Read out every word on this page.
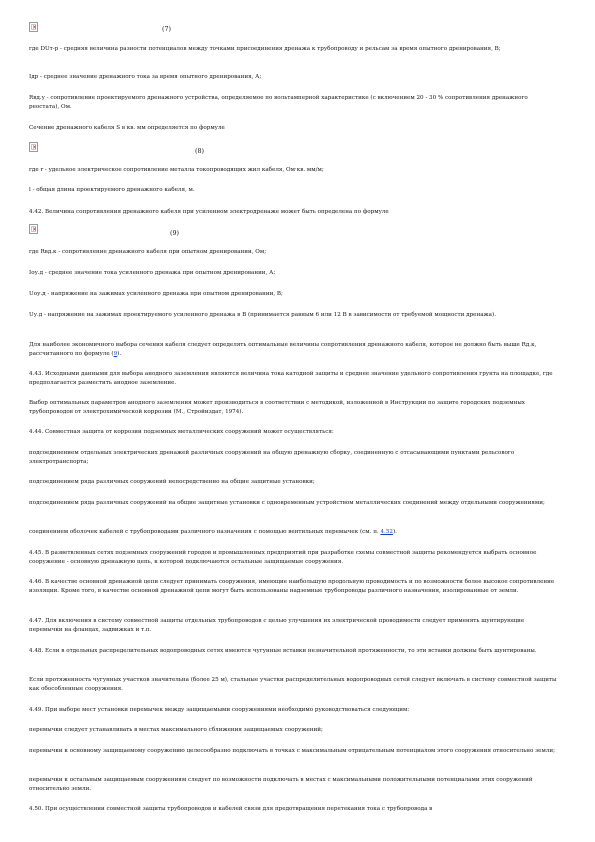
×	(7)
где DUт-р - средняя величина разности потенциалов между точками присоединения дренажа к трубопроводу и рельсам за время опытного дренирования, В;
Iдр - среднее значение дренажного тока за время опытного дренирования, А;
Rвд.у - сопротивление проектируемого дренажного устройства, определяемое по вольтамперной характеристике (с включением 20 - 30 % сопротивления дренажного реостата), Ом.
Сечение дренажного кабеля S в кв. мм определяется по формуле
×	(8)
где r - удельное электрическое сопротивление металла токопроводящих жил кабеля, Ом·кв. мм/м;
l - общая длина проектируемого дренажного кабеля, м.
4.42. Величина сопротивления дренажного кабеля при усиленном электродренаже может быть определена по формуле
×	(9)
где Rвд.к - сопротивление дренажного кабеля при опытном дренировании, Ом;
Iоу.д - среднее значение тока усиленного дренажа при опытном дренировании, А;
Uоу.д - напряжение на зажимах усиленного дренажа при опытном дренировании, В;
Uу.д - напряжение на зажимах проектируемого усиленного дренажа в В (принимается равным 6 или 12 В в зависимости от требуемой мощности дренажа).
Для наиболее экономичного выбора сечения кабеля следует определять оптимальные величины сопротивления дренажного кабеля, которое не должно быть выше Rд.к, рассчитанного по формуле (9).
4.43. Исходными данными для выбора анодного заземления являются величина тока катодной защиты и среднее значение удельного сопротивления грунта на площадке, где предполагается разместить анодное заземление.
Выбор оптимальных параметров анодного заземления может производиться в соответствии с методикой, изложенной в Инструкции по защите городских подземных трубопроводов от электрохимической коррозии (М., Стройиздат, 1974).
4.44. Совместная защита от коррозии подземных металлических сооружений может осуществляться:
подсоединением отдельных электрических дренажей различных сооружений на общую дренажную сборку, соединенную с отсасывающими пунктами рельсового электротранспорта;
подсоединением ряда различных сооружений непосредственно на общие защитные установки;
подсоединением ряда различных сооружений на общие защитные установки с одновременным устройством металлических соединений между отдельными сооружениями;
соединением оболочек кабелей с трубопроводами различного назначения с помощью вентильных перемычек (см. п. 4.52).
4.45. В разветвленных сетях подземных сооружений городов и промышленных предприятий при разработке схемы совместной защиты рекомендуется выбрать основное сооружение - основную дренажную цепь, к которой подключаются остальные защищаемые сооружения.
4.46. В качестве основной дренажной цепи следует принимать сооружения, имеющие наибольшую продольную проводимость и по возможности более высокое сопротивление изоляции. Кроме того, в качестве основной дренажной цепи могут быть использованы надземные трубопроводы различного назначения, изолированные от земли.
4.47. Для включения в систему совместной защиты отдельных трубопроводов с целью улучшения их электрической проводимости следует применять шунтирующие перемычки на фланцах, задвижках и т.п.
4.48. Если в отдельных распределительных водопроводных сетях имеются чугунные вставки незначительной протяженности, то эти вставки должны быть шунтированы.
Если протяженность чугунных участков значительна (более 25 м), стальные участки распределительных водопроводных сетей следует включать в систему совместной защиты как обособленные сооружения.
4.49. При выборе мест установки перемычек между защищаемыми сооружениями необходимо руководствоваться следующим:
перемычки следует устанавливать в местах максимального сближения защищаемых сооружений;
перемычки к основному защищаемому сооружению целесообразно подключать в точках с максимальным отрицательным потенциалом этого сооружения относительно земли;
перемычки к остальным защищаемым сооружениям следует по возможности подключать в местах с максимальными положительными потенциалами этих сооружений относительно земли.
4.50. При осуществлении совместной защиты трубопроводов и кабелей связи для предотвращения перетекания тока с трубопровода в
